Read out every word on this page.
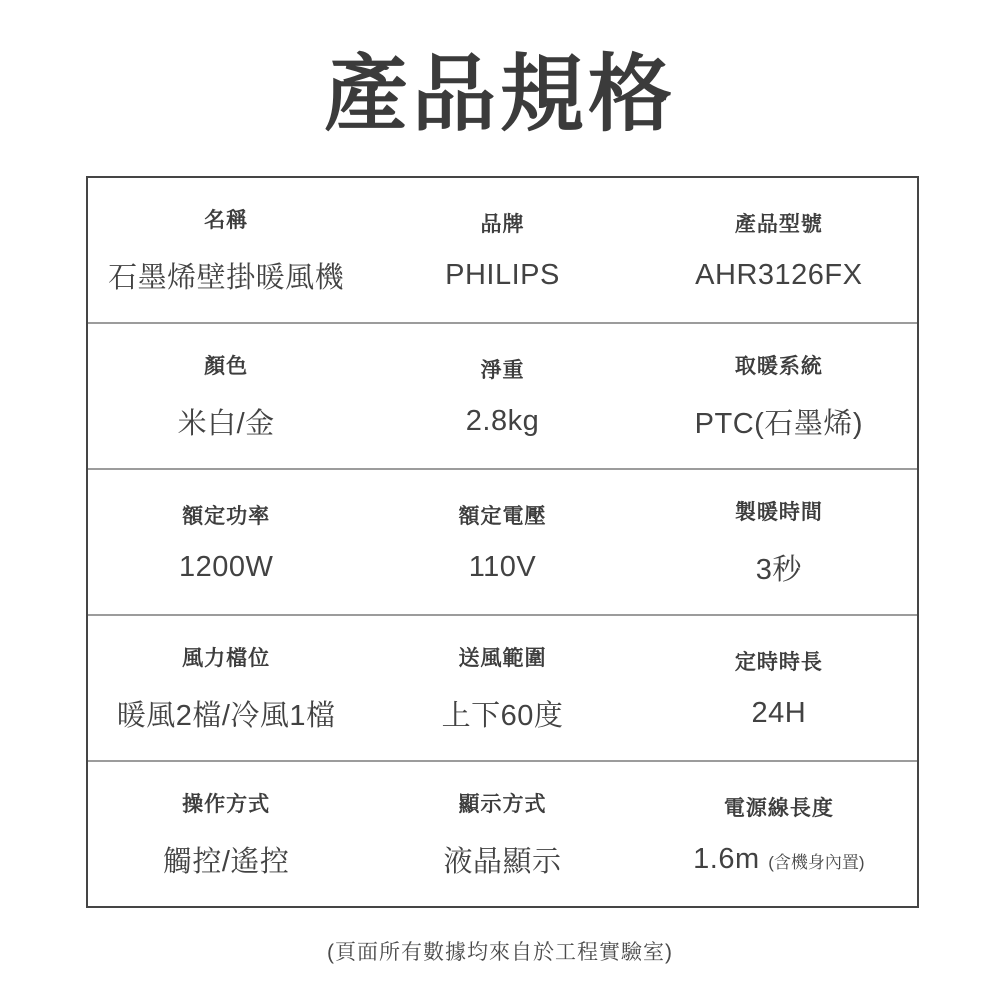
產品規格
名稱
石墨烯壁掛暖風機
品牌
PHILIPS
產品型號
AHR3126FX
顏色
米白/金
淨重
2.8kg
取暖系統
PTC(石墨烯)
額定功率
1200W
額定電壓
110V
製暖時間
3秒
風力檔位
暖風2檔/冷風1檔
送風範圍
上下60度
定時時長
24H
操作方式
觸控/遙控
顯示方式
液晶顯示
電源線長度
1.6m (含機身內置)
(頁面所有數據均來自於工程實驗室)
